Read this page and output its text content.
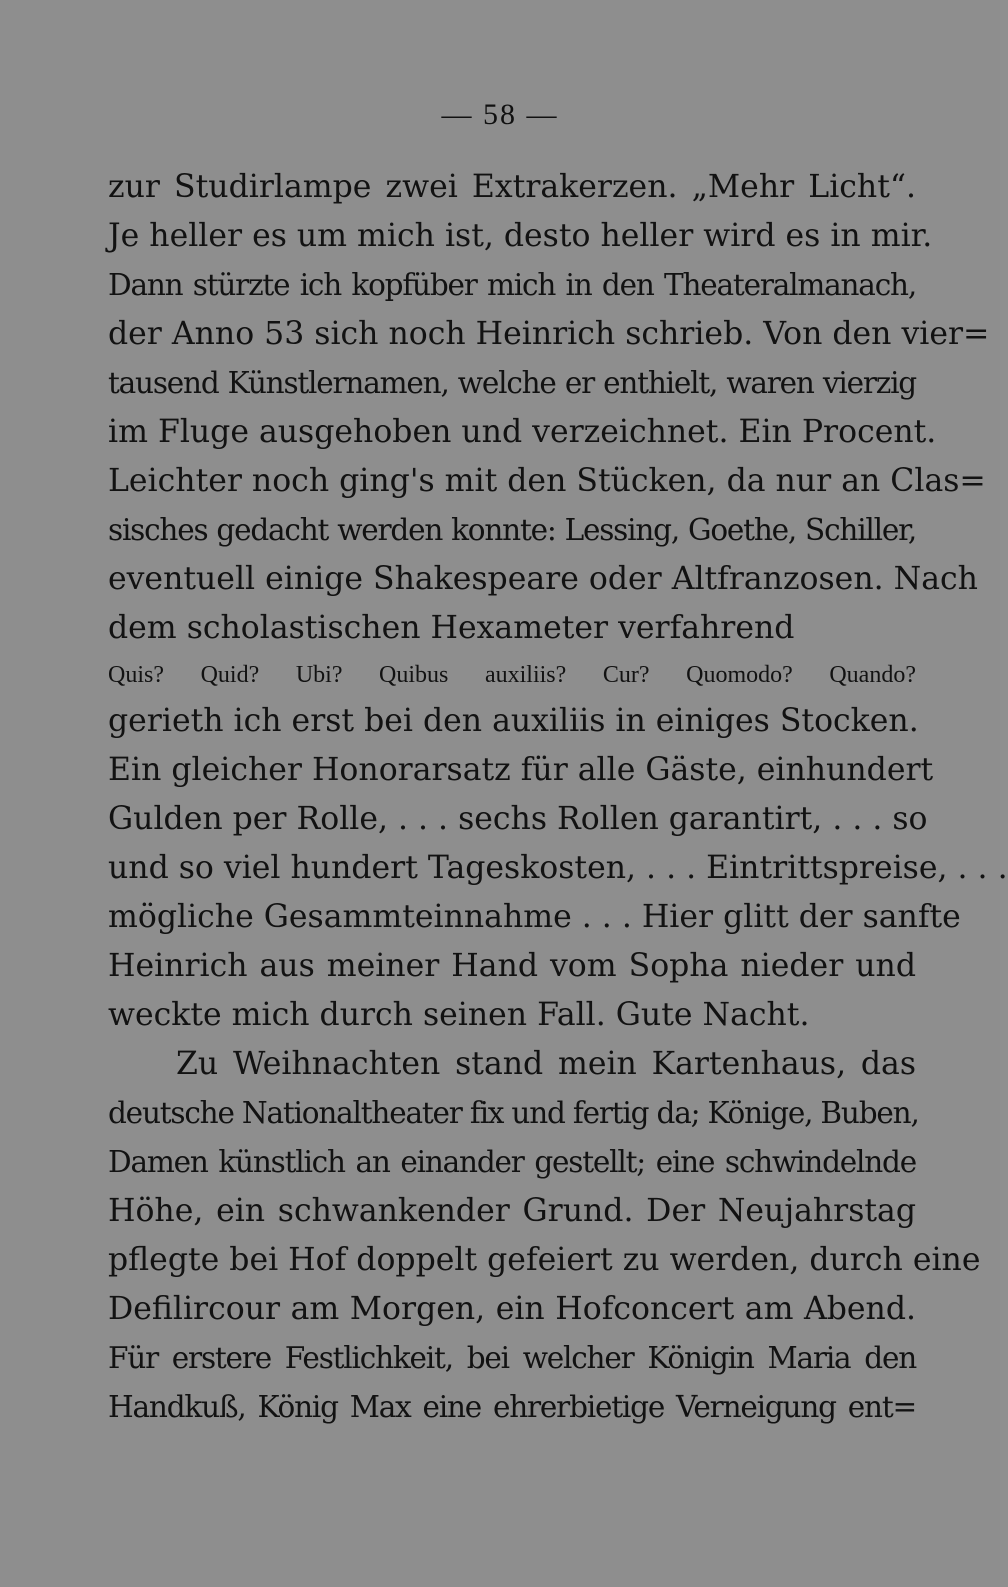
— 58 —
zur Studirlampe zwei Extrakerzen. „Mehr Licht“.
Je heller es um mich ist, desto heller wird es in mir.
Dann stürzte ich kopfüber mich in den Theateralmanach,
der Anno 53 sich noch Heinrich schrieb. Von den vier=
tausend Künstlernamen, welche er enthielt, waren vierzig
im Fluge ausgehoben und verzeichnet. Ein Procent.
Leichter noch ging's mit den Stücken, da nur an Clas=
sisches gedacht werden konnte: Lessing, Goethe, Schiller,
eventuell einige Shakespeare oder Altfranzosen. Nach
dem scholastischen Hexameter verfahrend
Quis? Quid? Ubi? Quibus auxiliis? Cur? Quomodo? Quando?
gerieth ich erst bei den auxiliis in einiges Stocken.
Ein gleicher Honorarsatz für alle Gäste, einhundert
Gulden per Rolle, . . . sechs Rollen garantirt, . . . so
und so viel hundert Tageskosten, . . . Eintrittspreise, . . .
mögliche Gesammteinnahme . . . Hier glitt der sanfte
Heinrich aus meiner Hand vom Sopha nieder und
weckte mich durch seinen Fall. Gute Nacht.
Zu Weihnachten stand mein Kartenhaus, das
deutsche Nationaltheater fix und fertig da; Könige, Buben,
Damen künstlich an einander gestellt; eine schwindelnde
Höhe, ein schwankender Grund. Der Neujahrstag
pflegte bei Hof doppelt gefeiert zu werden, durch eine
Defilircour am Morgen, ein Hofconcert am Abend.
Für erstere Festlichkeit, bei welcher Königin Maria den
Handkuß, König Max eine ehrerbietige Verneigung ent=
